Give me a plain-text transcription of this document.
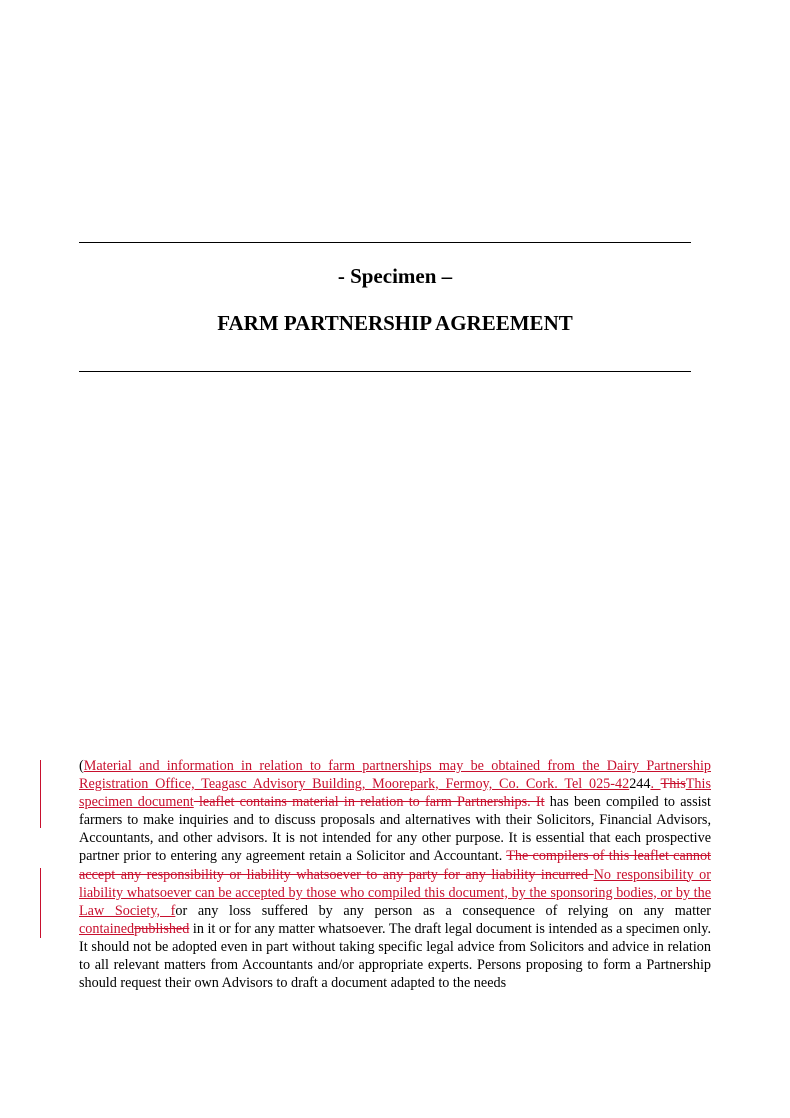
- Specimen –
FARM PARTNERSHIP AGREEMENT

(Material and information in relation to farm partnerships may be obtained from the Dairy Partnership Registration Office, Teagasc Advisory Building, Moorepark, Fermoy, Co. Cork. Tel 025-42244. ThisThis specimen document leaflet contains material in relation to farm Partnerships. It has been compiled to assist farmers to make inquiries and to discuss proposals and alternatives with their Solicitors, Financial Advisors, Accountants, and other advisors. It is not intended for any other purpose. It is essential that each prospective partner prior to entering any agreement retain a Solicitor and Accountant. The compilers of this leaflet cannot accept any responsibility or liability whatsoever to any party for any liability incurred No responsibility or liability whatsoever can be accepted by those who compiled this document, by the sponsoring bodies, or by the Law Society, for any loss suffered by any person as a consequence of relying on any matter containedpublished in it or for any matter whatsoever. The draft legal document is intended as a specimen only. It should not be adopted even in part without taking specific legal advice from Solicitors and advice in relation to all relevant matters from Accountants and/or appropriate experts. Persons proposing to form a Partnership should request their own Advisors to draft a document adapted to the needs
